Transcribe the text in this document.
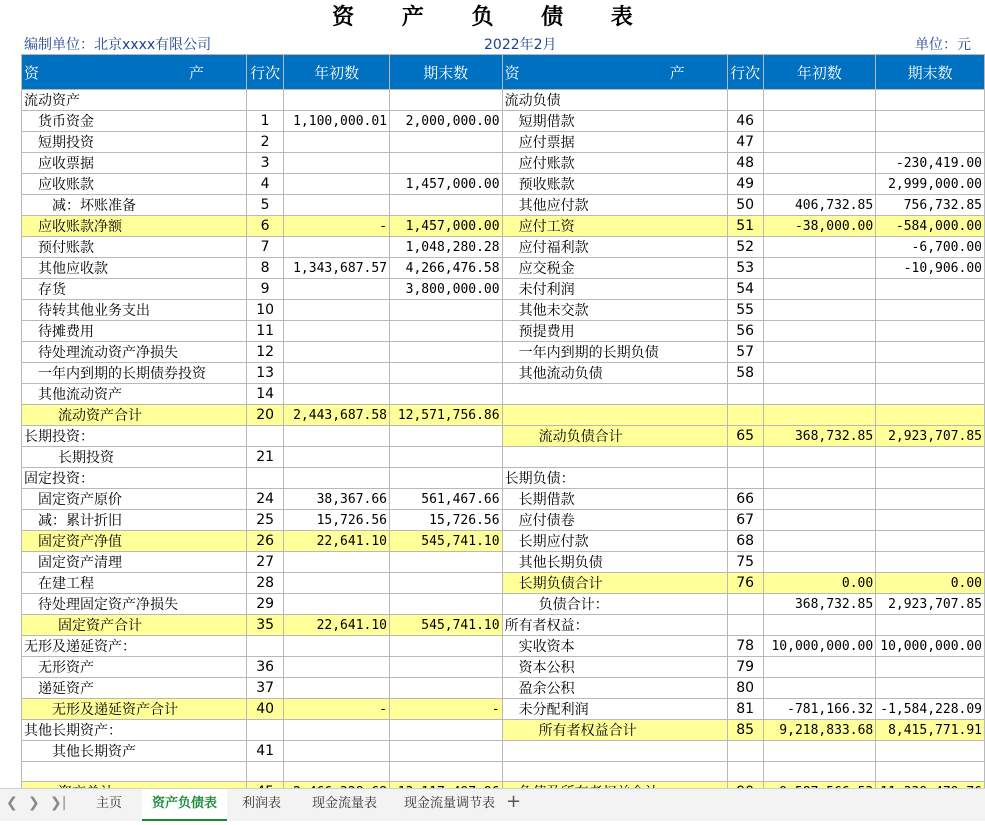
资 产 负 债 表
编制单位：北京xxxx有限公司	2022年2月	单位：元
资　　产	行次	年初数	期末数	资　　产	行次	年初数	期末数
流动资产				流动负债			
货币资金	1	1,100,000.01	2,000,000.00	短期借款	46		
短期投资	2			应付票据	47		
应收票据	3			应付账款	48		-230,419.00
应收账款	4		1,457,000.00	预收账款	49		2,999,000.00
减：坏账准备	5			其他应付款	50	406,732.85	756,732.85
应收账款净额	6	-	1,457,000.00	应付工资	51	-38,000.00	-584,000.00
预付账款	7		1,048,280.28	应付福利款	52		-6,700.00
其他应收款	8	1,343,687.57	4,266,476.58	应交税金	53		-10,906.00
存货	9		3,800,000.00	未付利润	54		
待转其他业务支出	10			其他未交款	55		
待摊费用	11			预提费用	56		
待处理流动资产净损失	12			一年内到期的长期负债	57		
一年内到期的长期债券投资	13			其他流动负债	58		
其他流动资产	14						
流动资产合计	20	2,443,687.58	12,571,756.86				
长期投资：				流动负债合计	65	368,732.85	2,923,707.85
长期投资	21						
固定投资：				长期负债：			
固定资产原价	24	38,367.66	561,467.66	长期借款	66		
减：累计折旧	25	15,726.56	15,726.56	应付债卷	67		
固定资产净值	26	22,641.10	545,741.10	长期应付款	68		
固定资产清理	27			其他长期负债	75		
在建工程	28			长期负债合计	76	0.00	0.00
待处理固定资产净损失	29			负债合计：		368,732.85	2,923,707.85
固定资产合计	35	22,641.10	545,741.10	所有者权益：			
无形及递延资产：				实收资本	78	10,000,000.00	10,000,000.00
无形资产	36			资本公积	79		
递延资产	37			盈余公积	80		
无形及递延资产合计	40	-	-	未分配利润	81	-781,166.32	-1,584,228.09
其他长期资产：				所有者权益合计	85	9,218,833.68	8,415,771.91
其他长期资产	41						

❮ ❯ ❯|	主页	资产负债表	利润表	现金流量表	现金流量调节表 +
